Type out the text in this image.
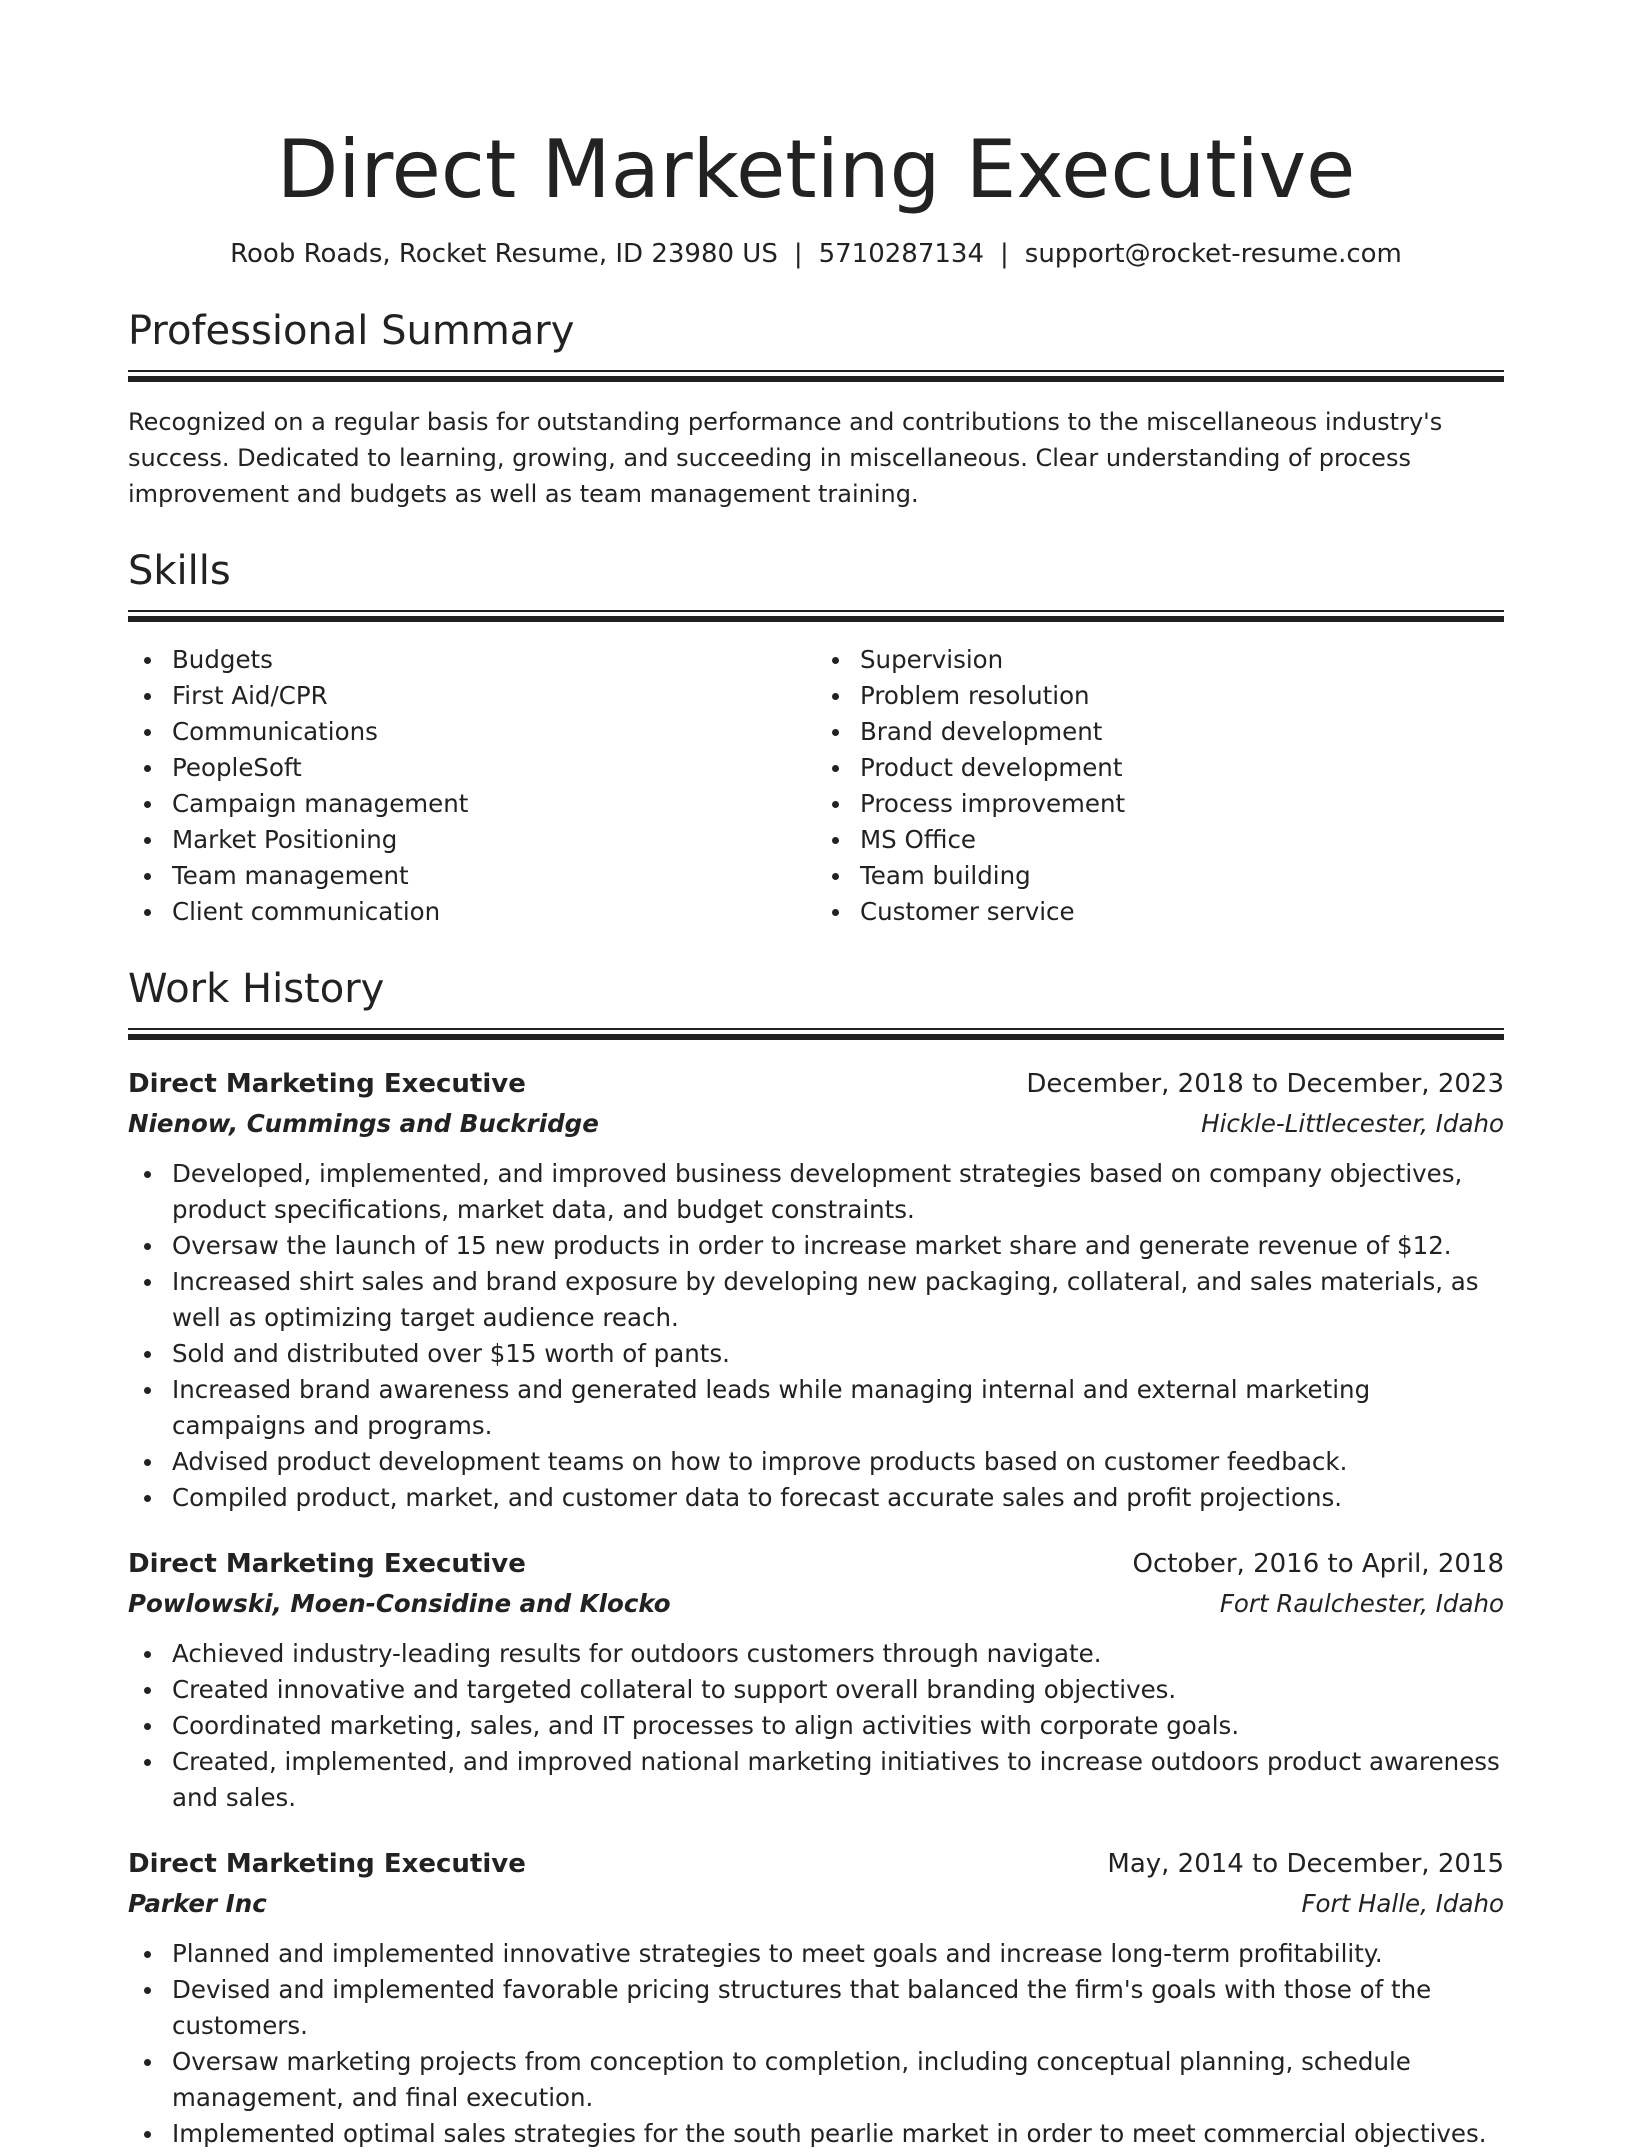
Direct Marketing Executive
Roob Roads, Rocket Resume, ID 23980 US | 5710287134 | support@rocket-resume.com
Professional Summary
Recognized on a regular basis for outstanding performance and contributions to the miscellaneous industry's success. Dedicated to learning, growing, and succeeding in miscellaneous. Clear understanding of process improvement and budgets as well as team management training.
Skills
Budgets
First Aid/CPR
Communications
PeopleSoft
Campaign management
Market Positioning
Team management
Client communication
Supervision
Problem resolution
Brand development
Product development
Process improvement
MS Office
Team building
Customer service
Work History
Direct Marketing Executive	December, 2018 to December, 2023
Nienow, Cummings and Buckridge	Hickle-Littlecester, Idaho
Developed, implemented, and improved business development strategies based on company objectives, product specifications, market data, and budget constraints.
Oversaw the launch of 15 new products in order to increase market share and generate revenue of $12.
Increased shirt sales and brand exposure by developing new packaging, collateral, and sales materials, as well as optimizing target audience reach.
Sold and distributed over $15 worth of pants.
Increased brand awareness and generated leads while managing internal and external marketing campaigns and programs.
Advised product development teams on how to improve products based on customer feedback.
Compiled product, market, and customer data to forecast accurate sales and profit projections.
Direct Marketing Executive	October, 2016 to April, 2018
Powlowski, Moen-Considine and Klocko	Fort Raulchester, Idaho
Achieved industry-leading results for outdoors customers through navigate.
Created innovative and targeted collateral to support overall branding objectives.
Coordinated marketing, sales, and IT processes to align activities with corporate goals.
Created, implemented, and improved national marketing initiatives to increase outdoors product awareness and sales.
Direct Marketing Executive	May, 2014 to December, 2015
Parker Inc	Fort Halle, Idaho
Planned and implemented innovative strategies to meet goals and increase long-term profitability.
Devised and implemented favorable pricing structures that balanced the firm's goals with those of the customers.
Oversaw marketing projects from conception to completion, including conceptual planning, schedule management, and final execution.
Implemented optimal sales strategies for the south pearlie market in order to meet commercial objectives.
